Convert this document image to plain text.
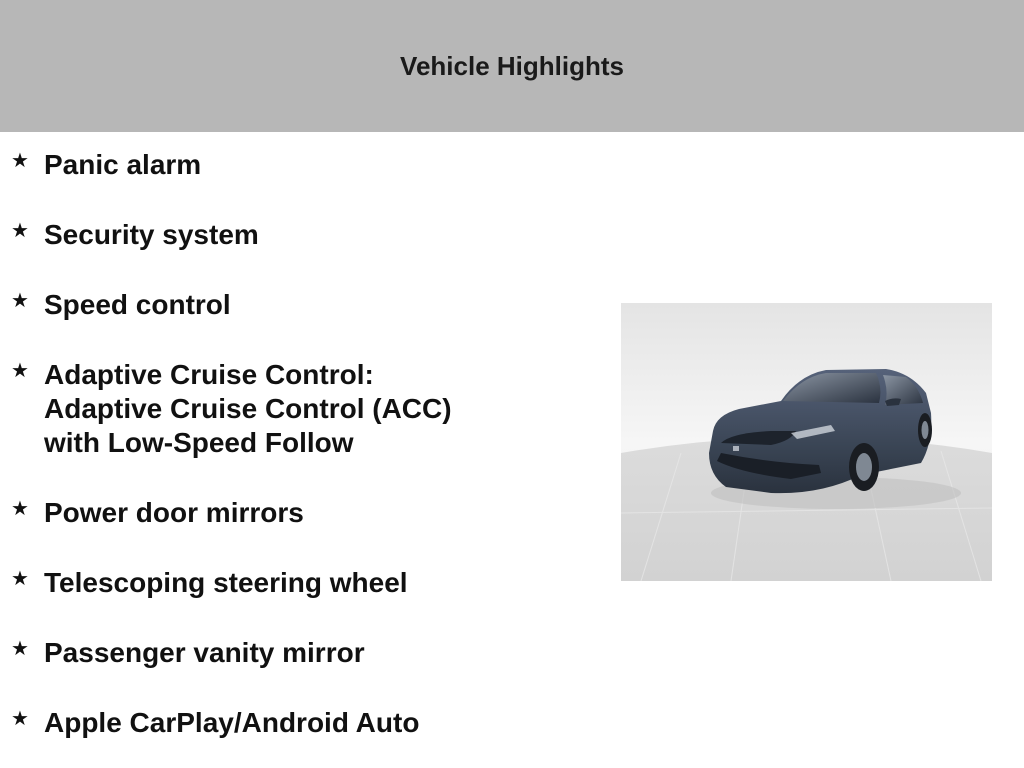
Vehicle Highlights
★ Panic alarm
★ Security system
★ Speed control
★ Adaptive Cruise Control:
Adaptive Cruise Control (ACC)
with Low-Speed Follow
★ Power door mirrors
★ Telescoping steering wheel
★ Passenger vanity mirror
★ Apple CarPlay/Android Auto
